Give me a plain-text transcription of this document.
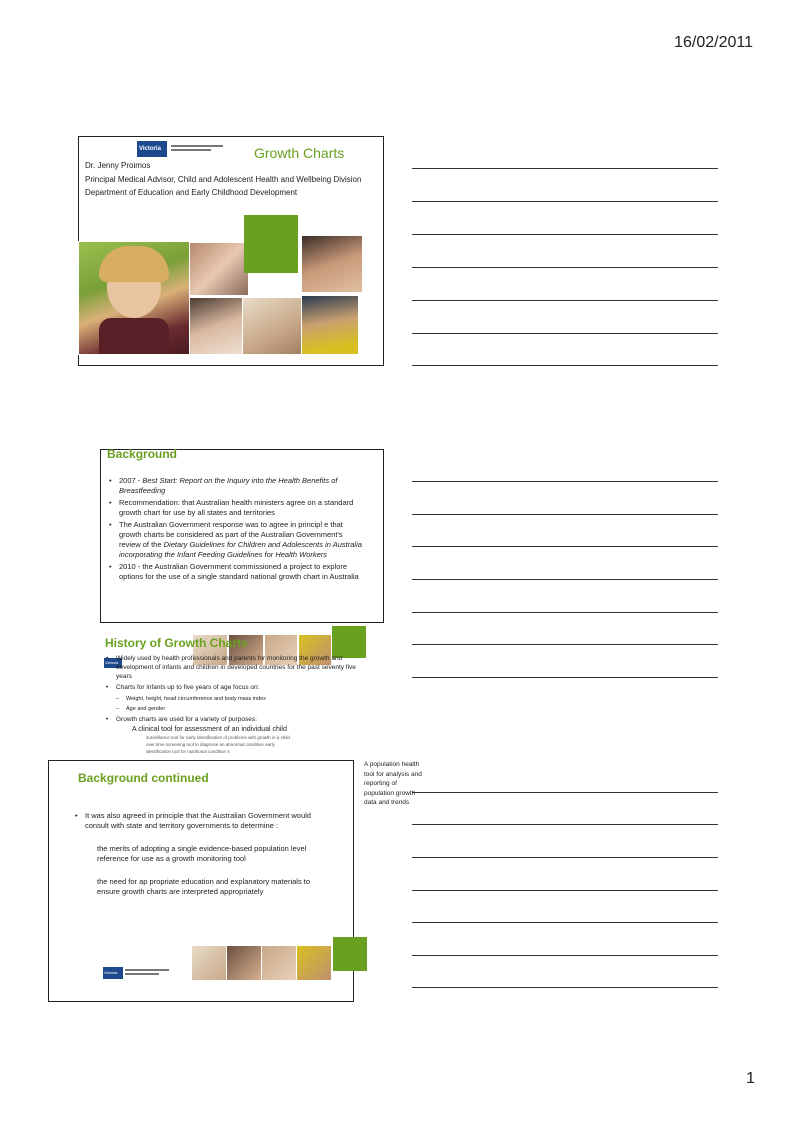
16/02/2011
Victoria	Growth Charts
Dr. Jenny Proimos
Principal Medical Advisor, Child and Adolescent Health and Wellbeing Division
Department of Education and Early Childhood Development
Background
• 2007 - Best Start: Report on the Inquiry into the Health Benefits of Breastfeeding
• Recommendation: that Australian health ministers agree on a standard growth chart for use by all states and territories
• The Australian Government response was to agree in principl e that growth charts be considered as part of the Australian Government's review of the Dietary Guidelines for Children and Adolescents in Australia incorporating the Infant Feeding Guidelines for Health Workers
• 2010 - the Australian Government commissioned a project to explore options for the use of a single standard national growth chart in Australia
History of Growth Charts
Victoria
• Widely used by health professionals and parents for monitoring the growth and development of infants and children in developed countries for the past seventy five years
• Charts for infants up to five years of age focus on:
– Weight, height, head circumference and body mass index
– Age and gender
• Growth charts are used for a variety of purposes:
A clinical tool for assessment of an individual child
surveillance tool for early identification of problems with growth in a child
over time screening tool to diagnose an abnormal condition early
identification tool for nutritional condition s
A population health tool for analysis and reporting of population growth data and trends
Background continued
• It was also agreed in principle that the Australian Government would consult with state and territory governments to determine :
the merits of adopting a single evidence-based population level reference for use as a growth monitoring tool
the need for ap propriate education and explanatory materials to ensure growth charts are interpreted appropriately
Victoria
1
